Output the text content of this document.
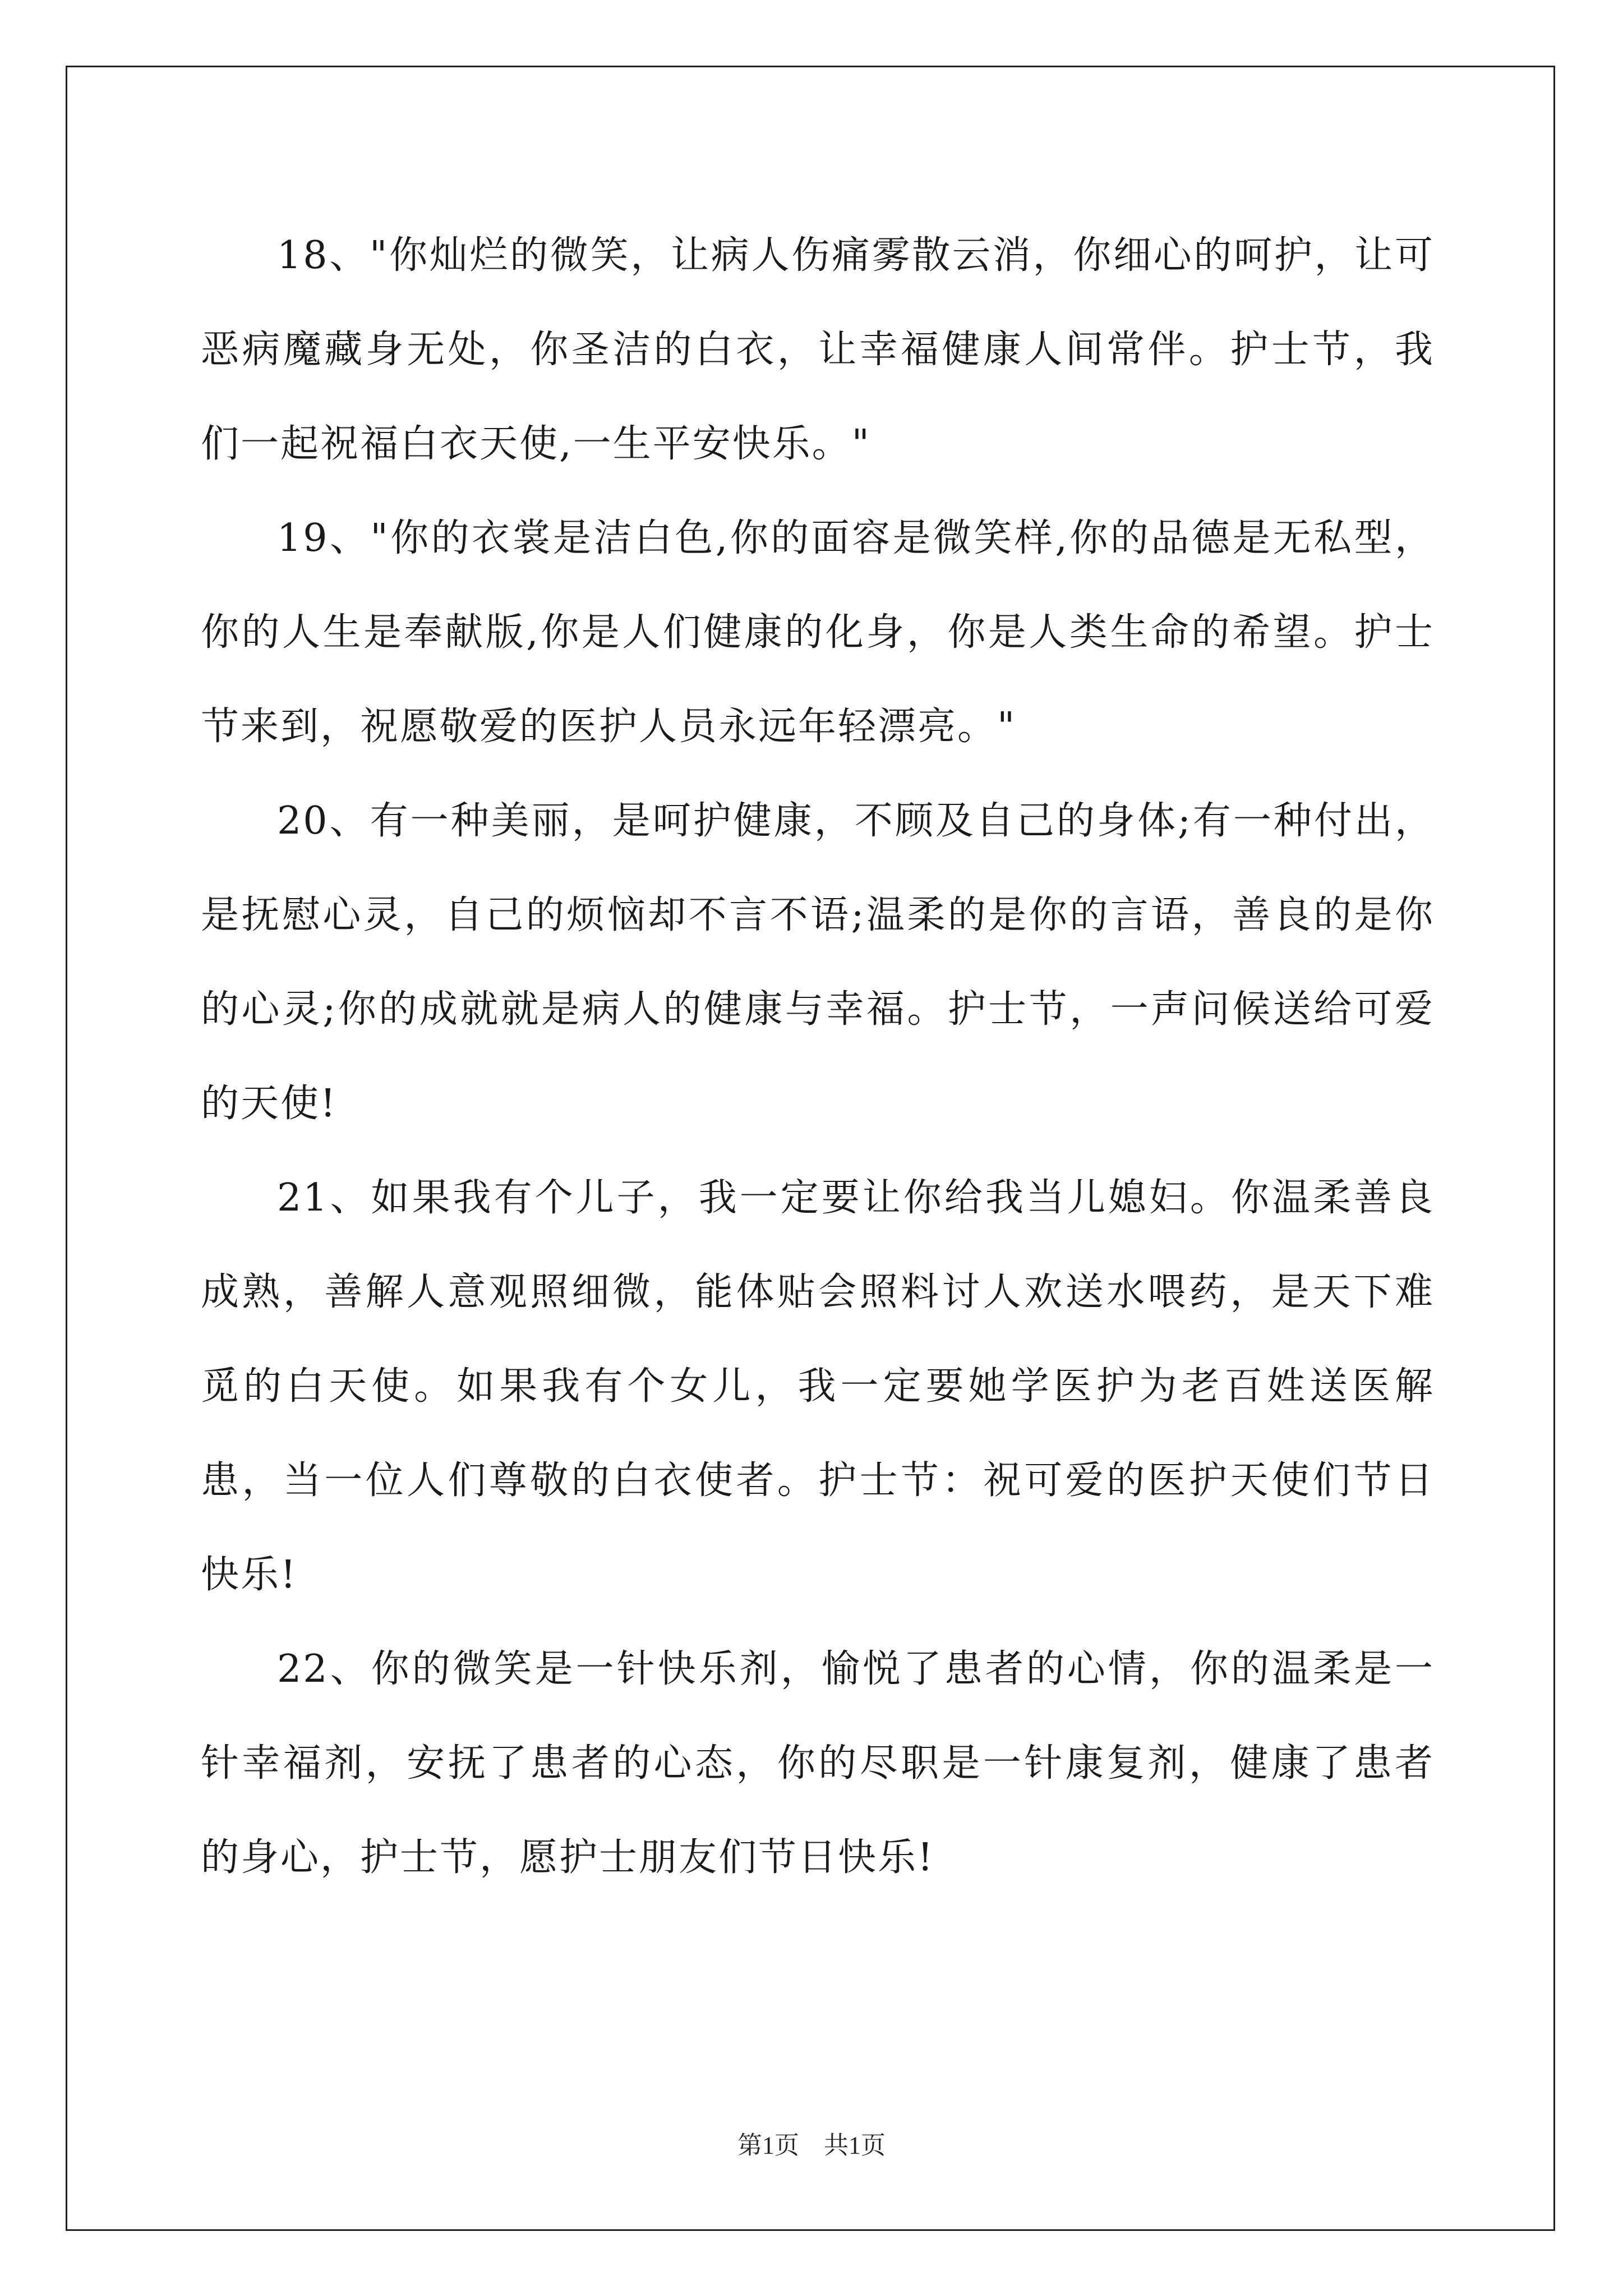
18、"你灿烂的微笑，让病人伤痛雾散云消，你细心的呵护，让可恶病魔藏身无处，你圣洁的白衣，让幸福健康人间常伴。护士节，我们一起祝福白衣天使,一生平安快乐。"

19、"你的衣裳是洁白色,你的面容是微笑样,你的品德是无私型，你的人生是奉献版,你是人们健康的化身，你是人类生命的希望。护士节来到，祝愿敬爱的医护人员永远年轻漂亮。"

20、有一种美丽，是呵护健康，不顾及自己的身体;有一种付出，是抚慰心灵，自己的烦恼却不言不语;温柔的是你的言语，善良的是你的心灵;你的成就就是病人的健康与幸福。护士节，一声问候送给可爱的天使!

21、如果我有个儿子，我一定要让你给我当儿媳妇。你温柔善良成熟，善解人意观照细微，能体贴会照料讨人欢送水喂药，是天下难觅的白天使。如果我有个女儿，我一定要她学医护为老百姓送医解患，当一位人们尊敬的白衣使者。护士节：祝可爱的医护天使们节日快乐!

22、你的微笑是一针快乐剂，愉悦了患者的心情，你的温柔是一针幸福剂，安抚了患者的心态，你的尽职是一针康复剂，健康了患者的身心，护士节，愿护士朋友们节日快乐!

第1页　共1页
